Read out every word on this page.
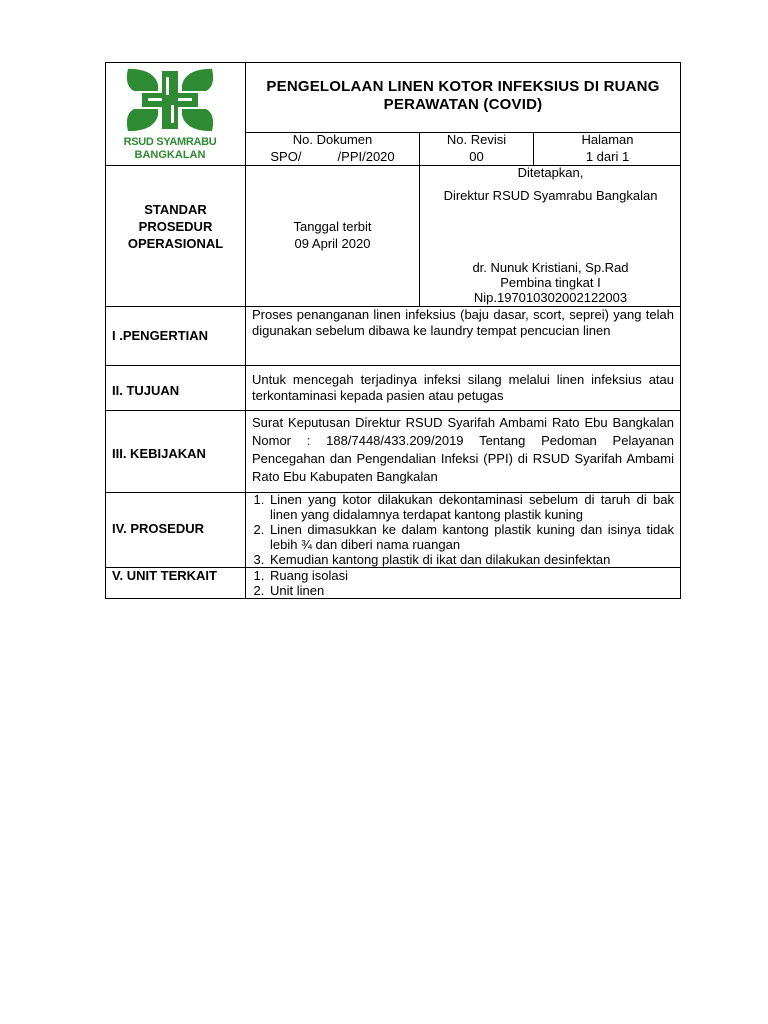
RSUD SYAMRABU
BANGKALAN
PENGELOLAAN LINEN KOTOR INFEKSIUS DI RUANG PERAWATAN (COVID)
No. Dokumen
SPO/          /PPI/2020
No. Revisi
00
Halaman
1 dari 1
STANDAR
PROSEDUR
OPERASIONAL
Tanggal terbit
09 April 2020
Ditetapkan,
Direktur RSUD Syamrabu Bangkalan
dr. Nunuk Kristiani, Sp.Rad
Pembina tingkat I
Nip.197010302002122003
I .PENGERTIAN
Proses penanganan linen infeksius (baju dasar, scort, seprei) yang telah digunakan sebelum dibawa ke laundry tempat pencucian linen
II. TUJUAN
Untuk mencegah terjadinya infeksi silang melalui linen infeksius atau terkontaminasi kepada pasien atau petugas
III. KEBIJAKAN
Surat Keputusan Direktur RSUD Syarifah Ambami Rato Ebu Bangkalan Nomor : 188/7448/433.209/2019 Tentang Pedoman Pelayanan Pencegahan dan Pengendalian Infeksi (PPI) di RSUD Syarifah Ambami Rato Ebu Kabupaten Bangkalan
IV. PROSEDUR
1. Linen yang kotor dilakukan dekontaminasi sebelum di taruh di bak linen yang didalamnya terdapat kantong plastik kuning
2. Linen dimasukkan ke dalam kantong plastik kuning dan isinya tidak lebih ¾ dan diberi nama ruangan
3. Kemudian kantong plastik di ikat dan dilakukan desinfektan
V. UNIT TERKAIT
1.	Ruang isolasi
2. Unit linen
